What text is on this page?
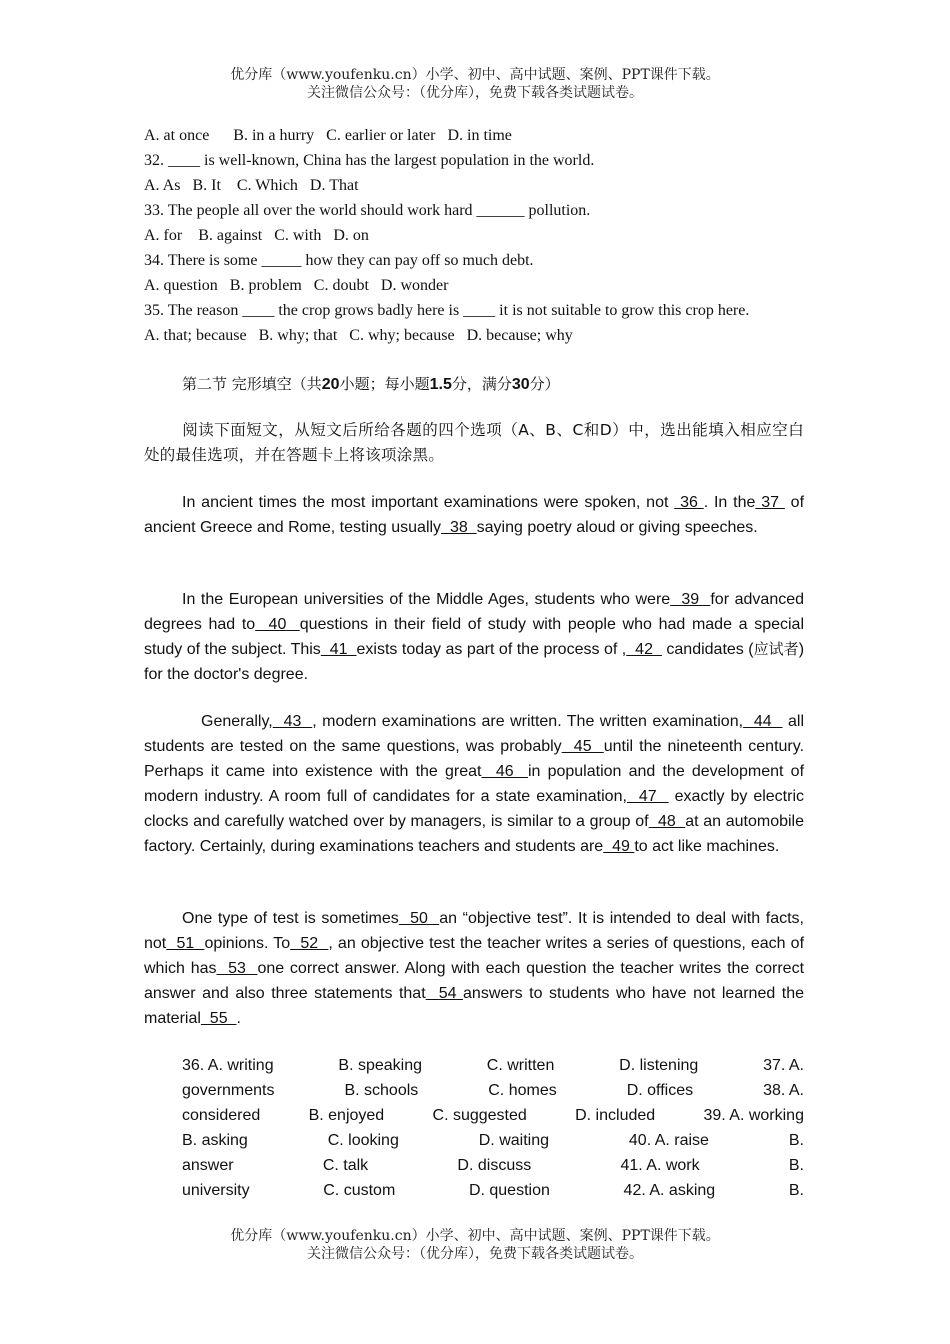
优分库（www.youfenku.cn）小学、初中、高中试题、案例、PPT课件下载。
关注微信公众号：（优分库），免费下载各类试题试卷。
A. at once      B. in a hurry   C. earlier or later   D. in time
32. ____ is well-known, China has the largest population in the world.
A. As   B. It    C. Which   D. That
33. The people all over the world should work hard ______ pollution.
A. for    B. against   C. with   D. on
34. There is some _____ how they can pay off so much debt.
A. question   B. problem   C. doubt   D. wonder
35. The reason ____ the crop grows badly here is ____ it is not suitable to grow this crop here.
A. that; because   B. why; that   C. why; because   D. because; why
第二节 完形填空（共20小题；每小题1.5分，满分30分）
阅读下面短文，从短文后所给各题的四个选项（A、B、C和D）中，选出能填入相应空白处的最佳选项，并在答题卡上将该项涂黑。
In ancient times the most important examinations were spoken, not  36 . In the 37  of ancient Greece and Rome, testing usually  38  saying poetry aloud or giving speeches.
In the European universities of the Middle Ages, students who were  39  for advanced degrees had to  40  questions in their field of study with people who had made a special study of the subject. This  41  exists today as part of the process of ,  42   candidates (应试者) for the doctor's degree.
Generally,  43  , modern examinations are written. The written examination,  44   all students are tested on the same questions, was probably  45  until the nineteenth century. Perhaps it came into existence with the great  46  in population and the development of modern industry. A room full of candidates for a state examination,  47   exactly by electric clocks and carefully watched over by managers, is similar to a group of  48  at an automobile factory. Certainly, during examinations teachers and students are  49 to act like machines.
One type of test is sometimes  50  an “objective test”. It is intended to deal with facts, not  51  opinions. To  52  , an objective test the teacher writes a series of questions, each of which has  53  one correct answer. Along with each question the teacher writes the correct answer and also three statements that  54 answers to students who have not learned the material  55  .
36. A. writing	B. speaking	C. written	D. listening	37. A.
governments	B. schools	C. homes	D. offices	38. A.
considered	B. enjoyed	C. suggested	D. included	39. A. working
B. asking	C. looking	D. waiting	40. A. raise	B.
answer	C. talk	D. discuss	41. A. work	B.
university	C. custom	D. question	42. A. asking	B.
优分库（www.youfenku.cn）小学、初中、高中试题、案例、PPT课件下载。
关注微信公众号：（优分库），免费下载各类试题试卷。
